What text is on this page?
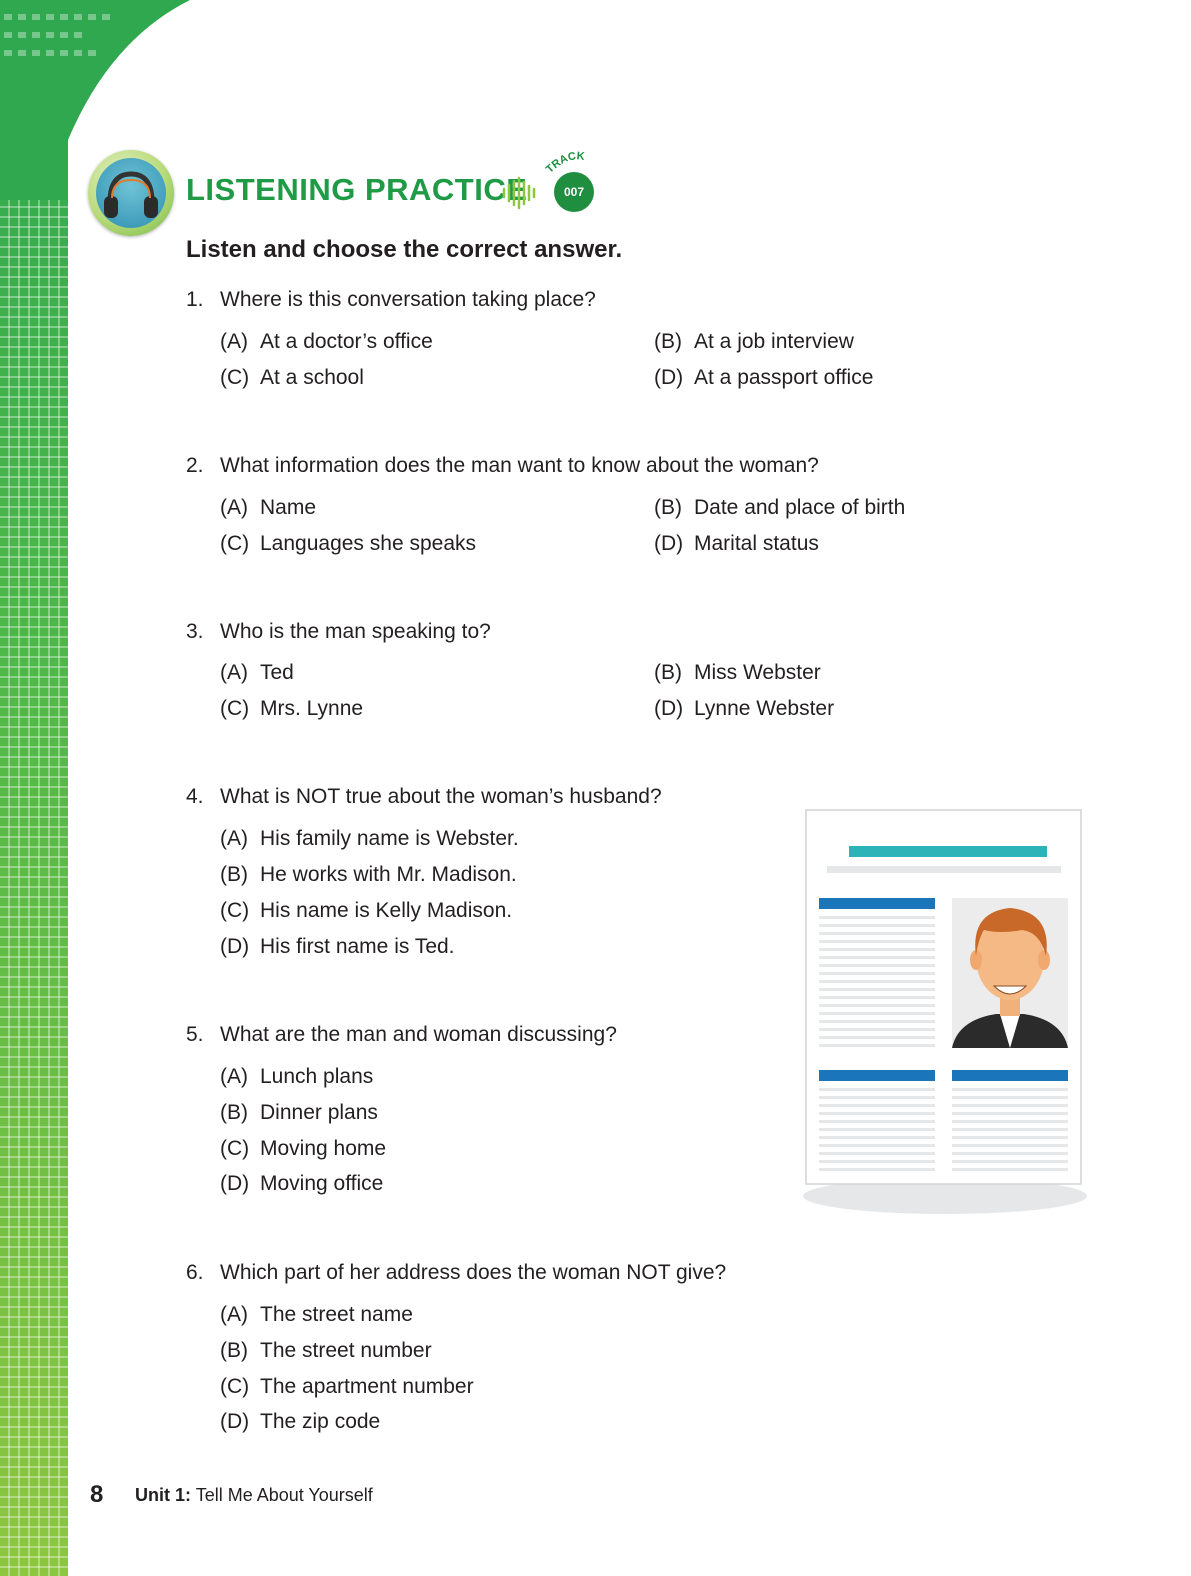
LISTENING PRACTICE
TRACK
007
Listen and choose the correct answer.
1. Where is this conversation taking place?
(A) At a doctor’s office	(B) At a job interview
(C) At a school	(D) At a passport office
2. What information does the man want to know about the woman?
(A) Name	(B) Date and place of birth
(C) Languages she speaks	(D) Marital status
3. Who is the man speaking to?
(A) Ted	(B) Miss Webster
(C) Mrs. Lynne	(D) Lynne Webster
4. What is NOT true about the woman’s husband?
(A) His family name is Webster.
(B) He works with Mr. Madison.
(C) His name is Kelly Madison.
(D) His first name is Ted.
5. What are the man and woman discussing?
(A) Lunch plans
(B) Dinner plans
(C) Moving home
(D) Moving office
6. Which part of her address does the woman NOT give?
(A) The street name
(B) The street number
(C) The apartment number
(D) The zip code
8 Unit 1: Tell Me About Yourself
